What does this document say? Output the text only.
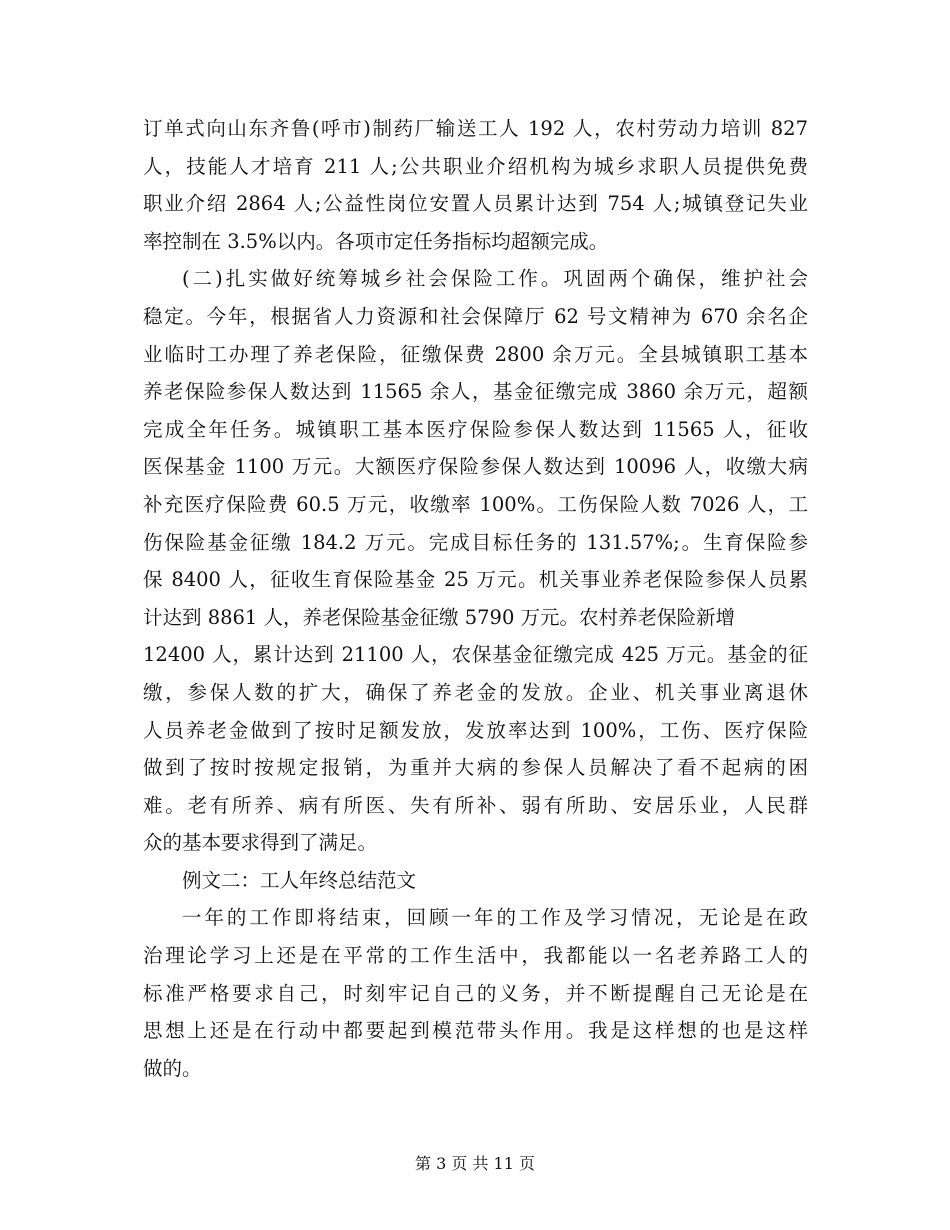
订单式向山东齐鲁(呼市)制药厂输送工人 192 人，农村劳动力培训 827
人，技能人才培育 211 人;公共职业介绍机构为城乡求职人员提供免费
职业介绍 2864 人;公益性岗位安置人员累计达到 754 人;城镇登记失业
率控制在 3.5%以内。各项市定任务指标均超额完成。
(二)扎实做好统筹城乡社会保险工作。巩固两个确保，维护社会
稳定。今年，根据省人力资源和社会保障厅 62 号文精神为 670 余名企
业临时工办理了养老保险，征缴保费 2800 余万元。全县城镇职工基本
养老保险参保人数达到 11565 余人，基金征缴完成 3860 余万元，超额
完成全年任务。城镇职工基本医疗保险参保人数达到 11565 人，征收
医保基金 1100 万元。大额医疗保险参保人数达到 10096 人，收缴大病
补充医疗保险费 60.5 万元，收缴率 100%。工伤保险人数 7026 人，工
伤保险基金征缴 184.2 万元。完成目标任务的 131.57%;。生育保险参
保 8400 人，征收生育保险基金 25 万元。机关事业养老保险参保人员累
计达到 8861 人，养老保险基金征缴 5790 万元。农村养老保险新增
12400 人，累计达到 21100 人，农保基金征缴完成 425 万元。基金的征
缴，参保人数的扩大，确保了养老金的发放。企业、机关事业离退休
人员养老金做到了按时足额发放，发放率达到 100%，工伤、医疗保险
做到了按时按规定报销，为重并大病的参保人员解决了看不起病的困
难。老有所养、病有所医、失有所补、弱有所助、安居乐业，人民群
众的基本要求得到了满足。
例文二：工人年终总结范文
一年的工作即将结束，回顾一年的工作及学习情况，无论是在政
治理论学习上还是在平常的工作生活中，我都能以一名老养路工人的
标准严格要求自己，时刻牢记自己的义务，并不断提醒自己无论是在
思想上还是在行动中都要起到模范带头作用。我是这样想的也是这样
做的。
第 3 页 共 11 页
